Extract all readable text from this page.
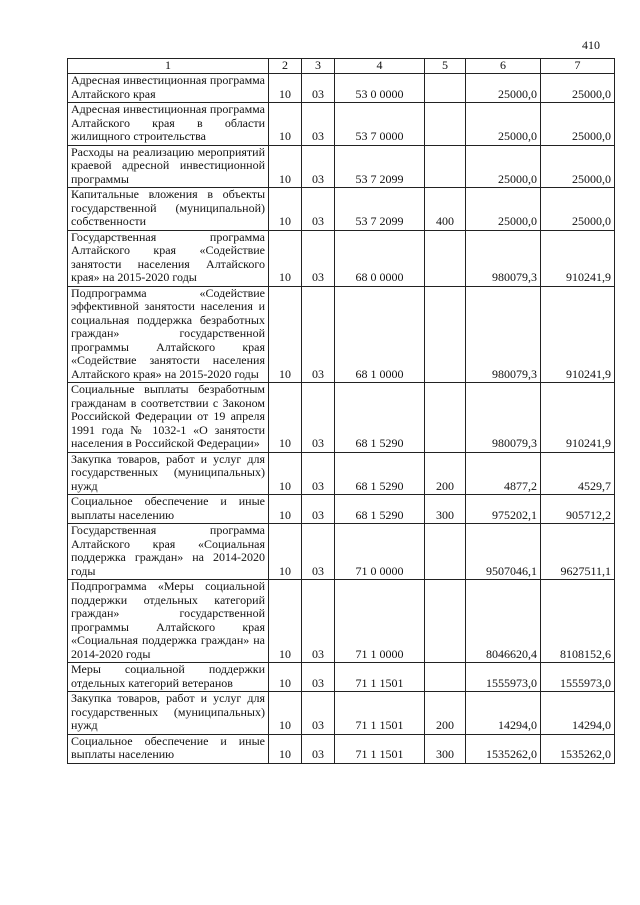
410
1	2	3	4	5	6	7
Адресная инвестиционная программа Алтайского края	10	03	53 0 0000		25000,0	25000,0
Адресная инвестиционная программа Алтайского края в области жилищного строительства	10	03	53 7 0000		25000,0	25000,0
Расходы на реализацию мероприятий краевой адресной инвестиционной программы	10	03	53 7 2099		25000,0	25000,0
Капитальные вложения в объекты государственной (муниципальной) собственности	10	03	53 7 2099	400	25000,0	25000,0
Государственная программа Алтайского края «Содействие занятости населения Алтайского края» на 2015-2020 годы	10	03	68 0 0000		980079,3	910241,9
Подпрограмма «Содействие эффективной занятости населения и социальная поддержка безработных граждан» государственной программы Алтайского края «Содействие занятости населения Алтайского края» на 2015-2020 годы	10	03	68 1 0000		980079,3	910241,9
Социальные выплаты безработным гражданам в соответствии с Законом Российской Федерации от 19 апреля 1991 года № 1032-1 «О занятости населения в Российской Федерации»	10	03	68 1 5290		980079,3	910241,9
Закупка товаров, работ и услуг для государственных (муниципальных) нужд	10	03	68 1 5290	200	4877,2	4529,7
Социальное обеспечение и иные выплаты населению	10	03	68 1 5290	300	975202,1	905712,2
Государственная программа Алтайского края «Социальная поддержка граждан» на 2014-2020 годы	10	03	71 0 0000		9507046,1	9627511,1
Подпрограмма «Меры социальной поддержки отдельных категорий граждан» государственной программы Алтайского края «Социальная поддержка граждан» на 2014-2020 годы	10	03	71 1 0000		8046620,4	8108152,6
Меры социальной поддержки отдельных категорий ветеранов	10	03	71 1 1501		1555973,0	1555973,0
Закупка товаров, работ и услуг для государственных (муниципальных) нужд	10	03	71 1 1501	200	14294,0	14294,0
Социальное обеспечение и иные выплаты населению	10	03	71 1 1501	300	1535262,0	1535262,0
